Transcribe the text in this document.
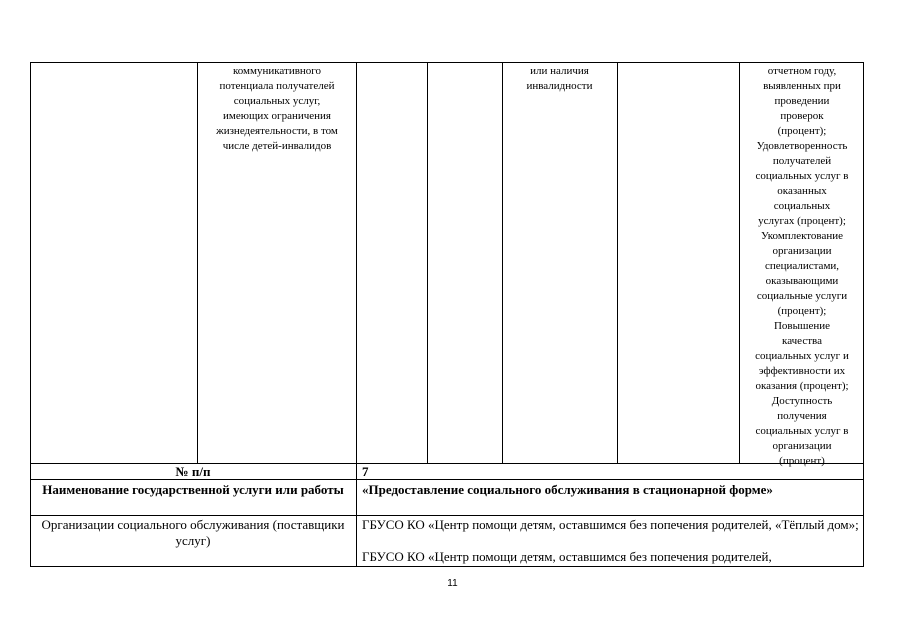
коммуникативного
потенциала получателей
социальных услуг,
имеющих ограничения
жизнедеятельности, в том
числе детей-инвалидов
или наличия
инвалидности
отчетном году,
выявленных при
проведении
проверок
(процент);
Удовлетворенность
получателей
социальных услуг в
оказанных
социальных
услугах (процент);
Укомплектование
организации
специалистами,
оказывающими
социальные услуги
(процент);
Повышение
качества
социальных услуг и
эффективности их
оказания (процент);
Доступность
получения
социальных услуг в
организации
(процент)
№ п/п	7
Наименование государственной услуги или работы	«Предоставление социального обслуживания в стационарной форме»
Организации социального обслуживания (поставщики услуг)
ГБУСО КО «Центр помощи детям, оставшимся без попечения родителей, «Тёплый дом»;
ГБУСО КО «Центр помощи детям, оставшимся без попечения родителей,
11
